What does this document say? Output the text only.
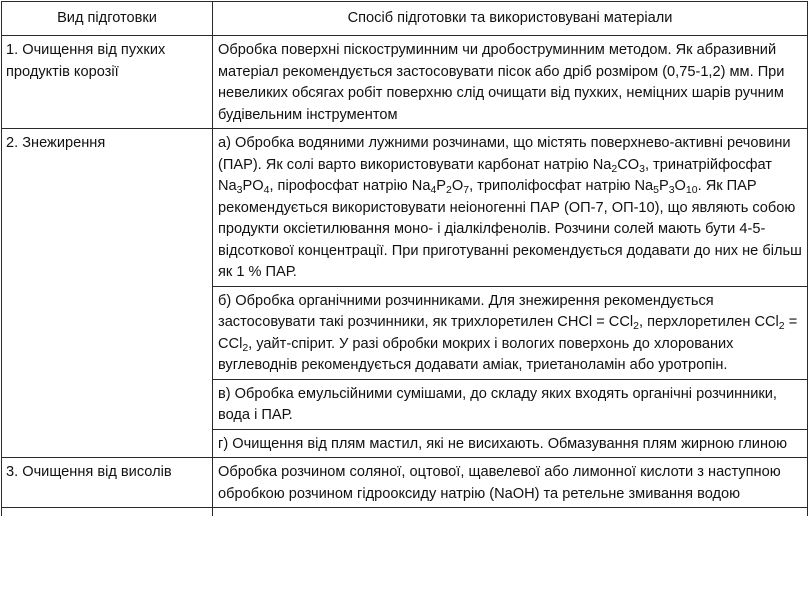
Вид підготовки	Спосіб підготовки та використовувані матеріали

1. Очищення від пухких продуктів корозії	Обробка поверхні піскоструминним чи дробоструминним методом. Як абразивний матеріал рекомендується застосовувати пісок або дріб розміром (0,75-1,2) мм. При невеликих обсягах робіт поверхню слід очищати від пухких, неміцних шарів ручним будівельним інструментом

2. Знежирення	а) Обробка водяними лужними розчинами, що містять поверхнево-активні речовини (ПАР). Як солі варто використовувати карбонат натрію $Na_2CO_3$, тринатрійфосфат $Na_3PO_4$, пірофосфат натрію $Na_4P_2O_7$, триполіфосфат натрію $Na_5P_3O_{10}$. Як ПАР рекомендується використовувати неіоногенні ПАР (ОП-7, ОП-10), що являють собою продукти оксіетилювання моно- і діалкілфенолів. Розчини солей мають бути 4-5-відсоткової концентрації. При приготуванні рекомендується додавати до них не більш як 1 % ПАР.
б) Обробка органічними розчинниками. Для знежирення рекомендується застосовувати такі розчинники, як трихлоретилен CHCl = CCl$_2$, перхлоретилен CCl$_2$ = CCl$_2$, уайт-спірит. У разі обробки мокрих і вологих поверхонь до хлорованих вуглеводнів рекомендується додавати аміак, триетаноламін або уротропін.
в) Обробка емульсійними сумішами, до складу яких входять органічні розчинники, вода і ПАР.
г) Очищення від плям мастил, які не висихають. Обмазування плям жирною глиною

3. Очищення від висолів	Обробка розчином соляної, оцтової, щавелевої або лимонної кислоти з наступною обробкою розчином гідрооксиду натрію (NaOH) та ретельне змивання водою
